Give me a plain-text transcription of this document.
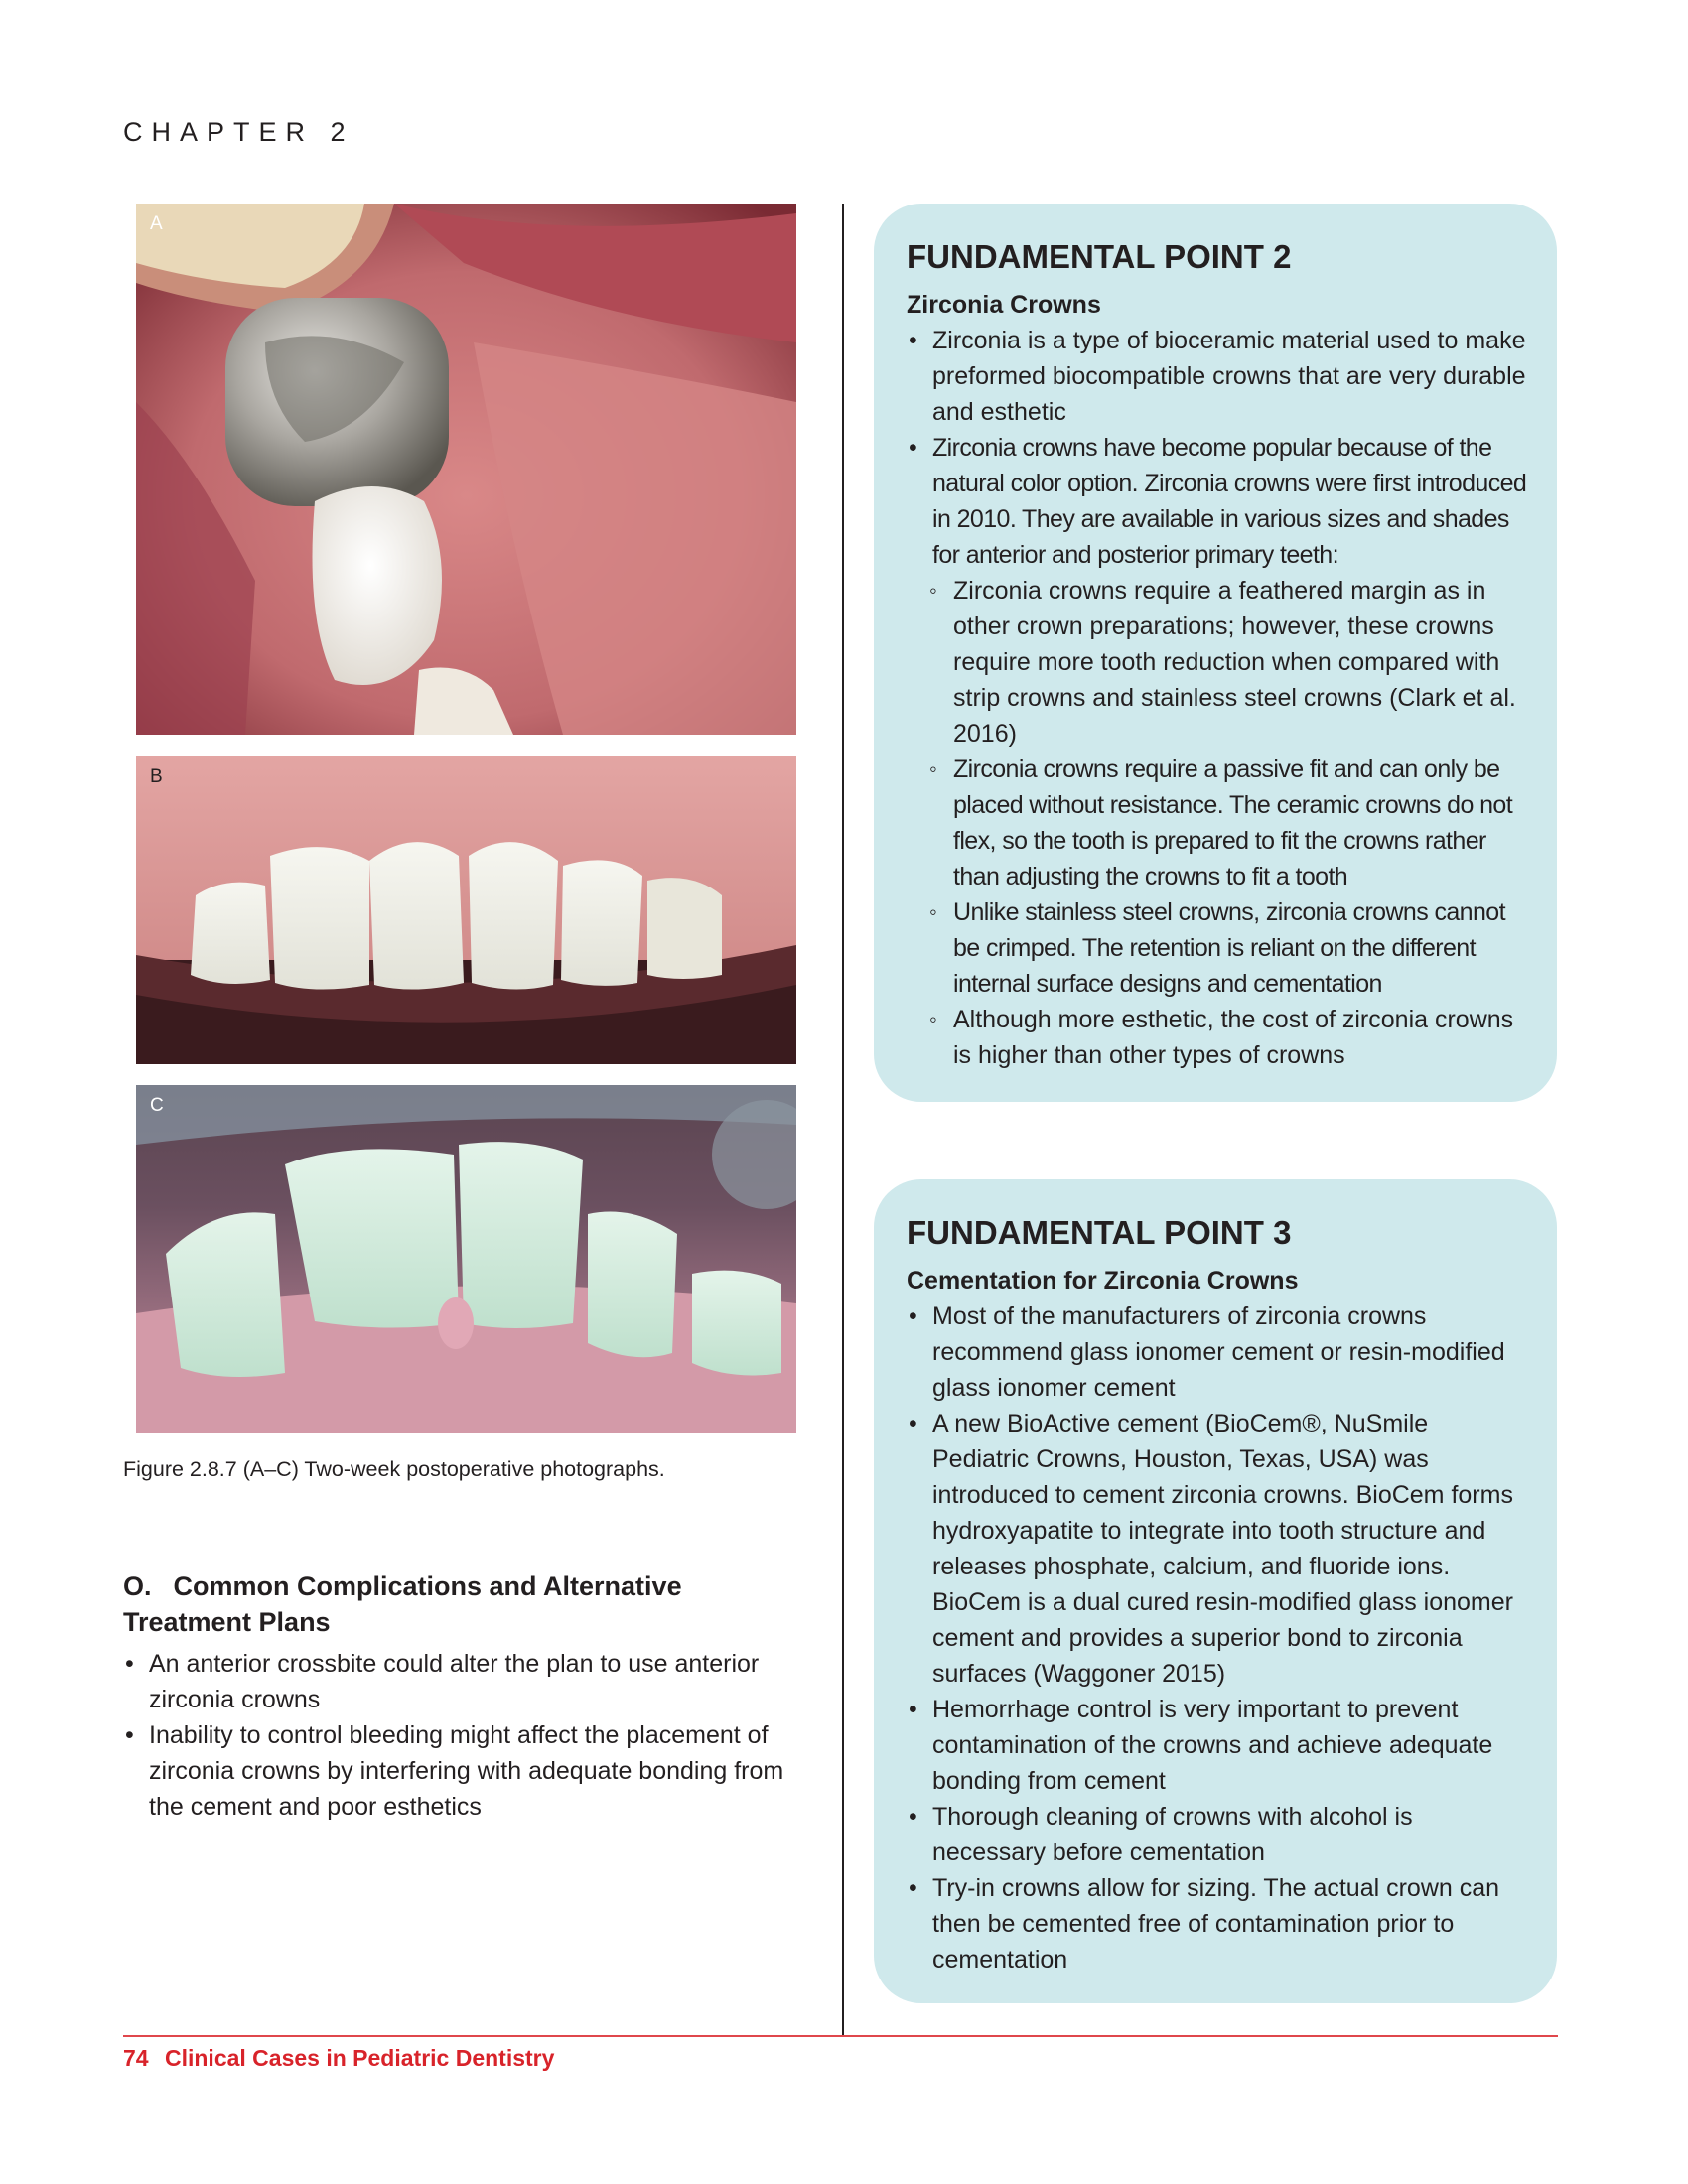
CHAPTER 2
A
B
C
Figure 2.8.7 (A–C) Two-week postoperative photographs.
O. Common Complications and Alternative Treatment Plans
• An anterior crossbite could alter the plan to use anterior zirconia crowns
• Inability to control bleeding might affect the placement of zirconia crowns by interfering with adequate bonding from the cement and poor esthetics
FUNDAMENTAL POINT 2
Zirconia Crowns
• Zirconia is a type of bioceramic material used to make preformed biocompatible crowns that are very durable and esthetic
• Zirconia crowns have become popular because of the natural color option. Zirconia crowns were first introduced in 2010. They are available in various sizes and shades for anterior and posterior primary teeth:
◦ Zirconia crowns require a feathered margin as in other crown preparations; however, these crowns require more tooth reduction when compared with strip crowns and stainless steel crowns (Clark et al. 2016)
◦ Zirconia crowns require a passive fit and can only be placed without resistance. The ceramic crowns do not flex, so the tooth is prepared to fit the crowns rather than adjusting the crowns to fit a tooth
◦ Unlike stainless steel crowns, zirconia crowns cannot be crimped. The retention is reliant on the different internal surface designs and cementation
◦ Although more esthetic, the cost of zirconia crowns is higher than other types of crowns
FUNDAMENTAL POINT 3
Cementation for Zirconia Crowns
• Most of the manufacturers of zirconia crowns recommend glass ionomer cement or resin-modified glass ionomer cement
• A new BioActive cement (BioCem®, NuSmile Pediatric Crowns, Houston, Texas, USA) was introduced to cement zirconia crowns. BioCem forms hydroxyapatite to integrate into tooth structure and releases phosphate, calcium, and fluoride ions. BioCem is a dual cured resin-modified glass ionomer cement and provides a superior bond to zirconia surfaces (Waggoner 2015)
• Hemorrhage control is very important to prevent contamination of the crowns and achieve adequate bonding from cement
• Thorough cleaning of crowns with alcohol is necessary before cementation
• Try-in crowns allow for sizing. The actual crown can then be cemented free of contamination prior to cementation
74 Clinical Cases in Pediatric Dentistry
